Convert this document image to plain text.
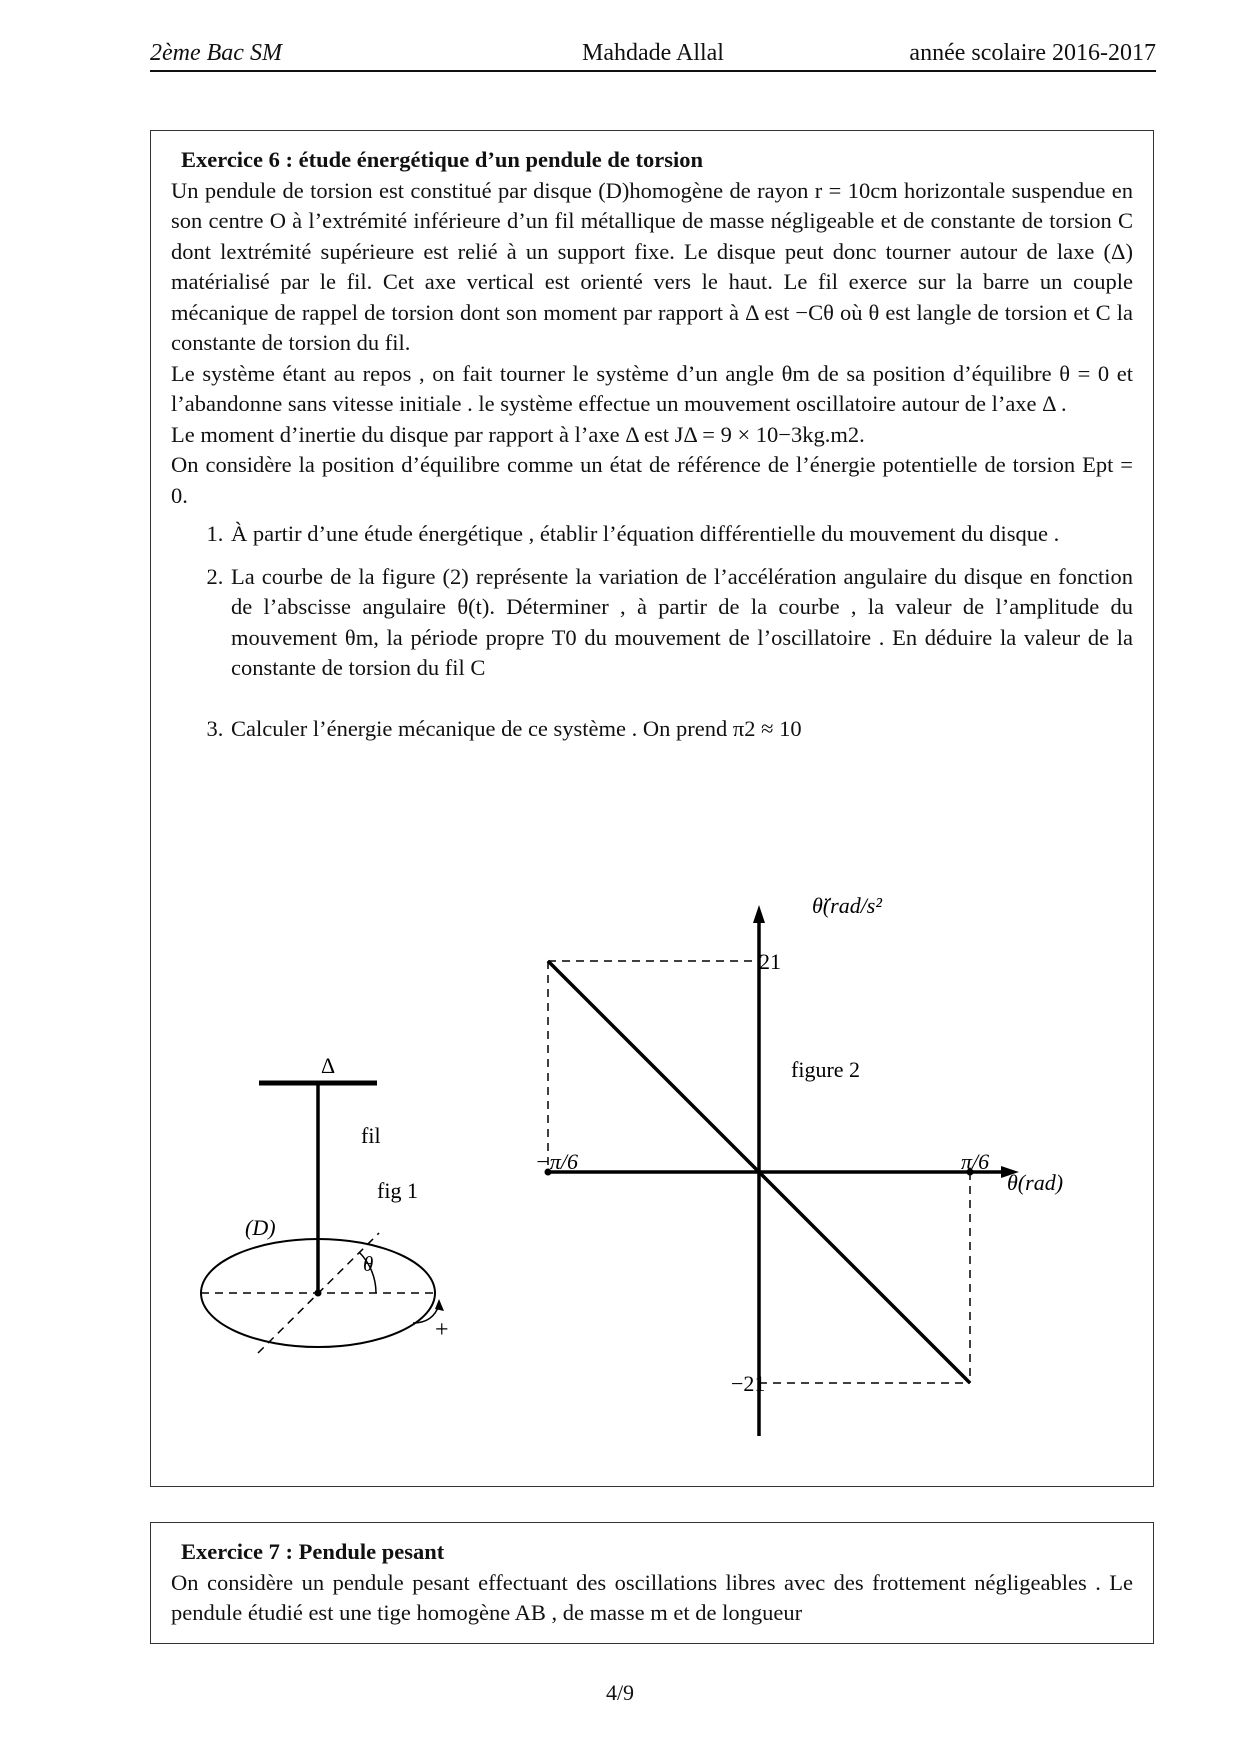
2ème Bac SM	Mahdade Allal	année scolaire 2016-2017
Exercice 6 : étude énergétique d’un pendule de torsion

Un pendule de torsion est constitué par disque (D)homogène de rayon r = 10cm horizontale suspendue en son centre O à l’extrémité inférieure d’un fil métallique de masse négligeable et de constante de torsion C dont lextrémité supérieure est relié à un support fixe. Le disque peut donc tourner autour de laxe (Δ) matérialisé par le fil. Cet axe vertical est orienté vers le haut. Le fil exerce sur la barre un couple mécanique de rappel de torsion dont son moment par rapport à Δ est −Cθ où θ est langle de torsion et C la constante de torsion du fil.

Le système étant au repos , on fait tourner le système d’un angle θm de sa position d’équilibre θ = 0 et l’abandonne sans vitesse initiale . le système effectue un mouvement oscillatoire autour de l’axe Δ .

Le moment d’inertie du disque par rapport à l’axe Δ est JΔ = 9 × 10−3kg.m2.

On considère la position d’équilibre comme un état de référence de l’énergie potentielle de torsion Ept = 0.

1. À partir d’une étude énergétique , établir l’équation différentielle du mouvement du disque .
2. La courbe de la figure (2) représente la variation de l’accélération angulaire du disque en fonction de l’abscisse angulaire θ(t). Déterminer , à partir de la courbe , la valeur de l’amplitude du mouvement θm, la période propre T0 du mouvement de l’oscillatoire . En déduire la valeur de la constante de torsion du fil C
3. Calculer l’énergie mécanique de ce système . On prend π2 ≈ 10
Δ
fil
fig 1
(D)
θ
+
figure 2
θ̈(rad/s²
θ(rad)
21
−21
−π/6	π/6
Exercice 7 : Pendule pesant

On considère un pendule pesant effectuant des oscillations libres avec des frottement négligeables . Le pendule étudié est une tige homogène AB , de masse m et de longueur

4/9
